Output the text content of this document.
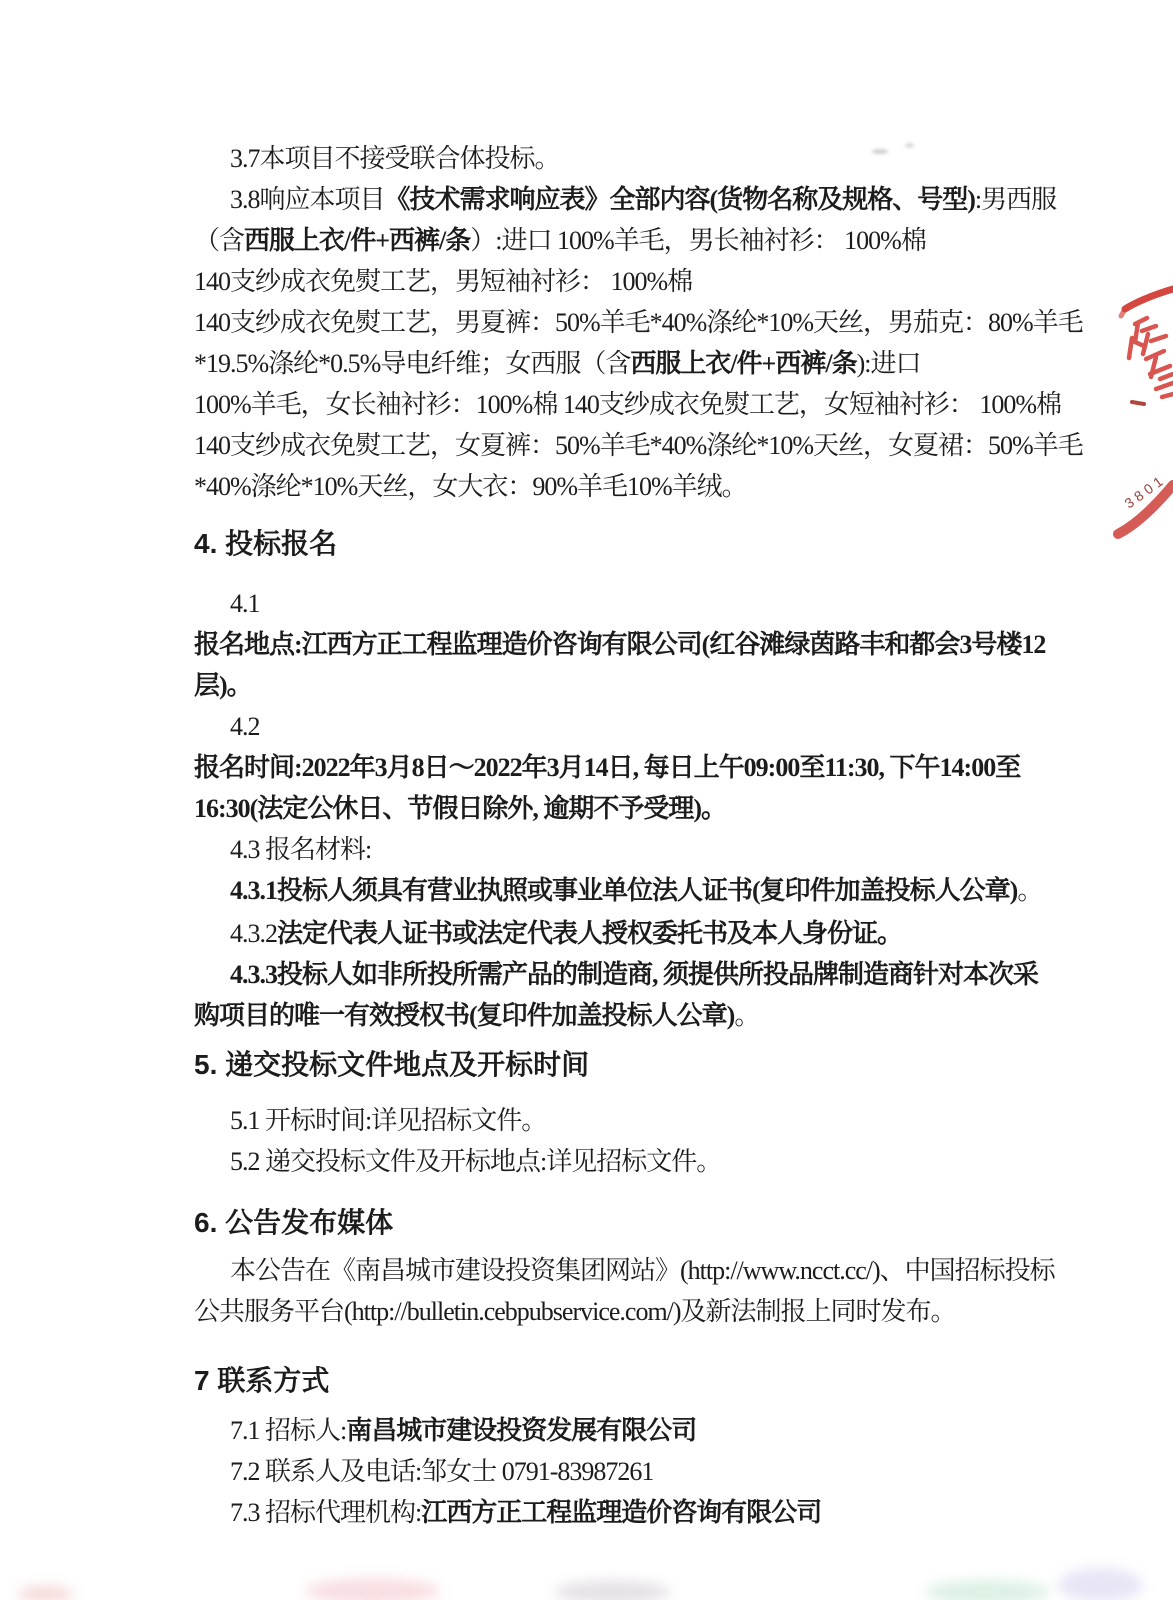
3.7本项目不接受联合体投标。
3.8响应本项目《技术需求响应表》全部内容(货物名称及规格、号型):男西服
（含西服上衣/件+西裤/条）:进口 100%羊毛，男长袖衬衫： 100%棉
140支纱成衣免熨工艺，男短袖衬衫： 100%棉
140支纱成衣免熨工艺，男夏裤：50%羊毛*40%涤纶*10%天丝，男茄克：80%羊毛
*19.5%涤纶*0.5%导电纤维；女西服（含西服上衣/件+西裤/条):进口
100%羊毛，女长袖衬衫：100%棉 140支纱成衣免熨工艺，女短袖衬衫： 100%棉
140支纱成衣免熨工艺，女夏裤：50%羊毛*40%涤纶*10%天丝，女夏裙：50%羊毛
*40%涤纶*10%天丝，女大衣：90%羊毛10%羊绒。
4. 投标报名
4.1
报名地点:江西方正工程监理造价咨询有限公司(红谷滩绿茵路丰和都会3号楼12
层)。
4.2
报名时间:2022年3月8日～2022年3月14日, 每日上午09:00至11:30, 下午14:00至
16:30(法定公休日、节假日除外, 逾期不予受理)。
4.3 报名材料:
4.3.1投标人须具有营业执照或事业单位法人证书(复印件加盖投标人公章)。
4.3.2法定代表人证书或法定代表人授权委托书及本人身份证。
4.3.3投标人如非所投所需产品的制造商, 须提供所投品牌制造商针对本次采
购项目的唯一有效授权书(复印件加盖投标人公章)。
5. 递交投标文件地点及开标时间
5.1 开标时间:详见招标文件。
5.2 递交投标文件及开标地点:详见招标文件。
6. 公告发布媒体
本公告在《南昌城市建设投资集团网站》(http://www.ncct.cc/)、中国招标投标
公共服务平台(http://bulletin.cebpubservice.com/)及新法制报上同时发布。
7 联系方式
7.1 招标人:南昌城市建设投资发展有限公司
7.2 联系人及电话:邹女士 0791-83987261
7.3 招标代理机构:江西方正工程监理造价咨询有限公司
3801
